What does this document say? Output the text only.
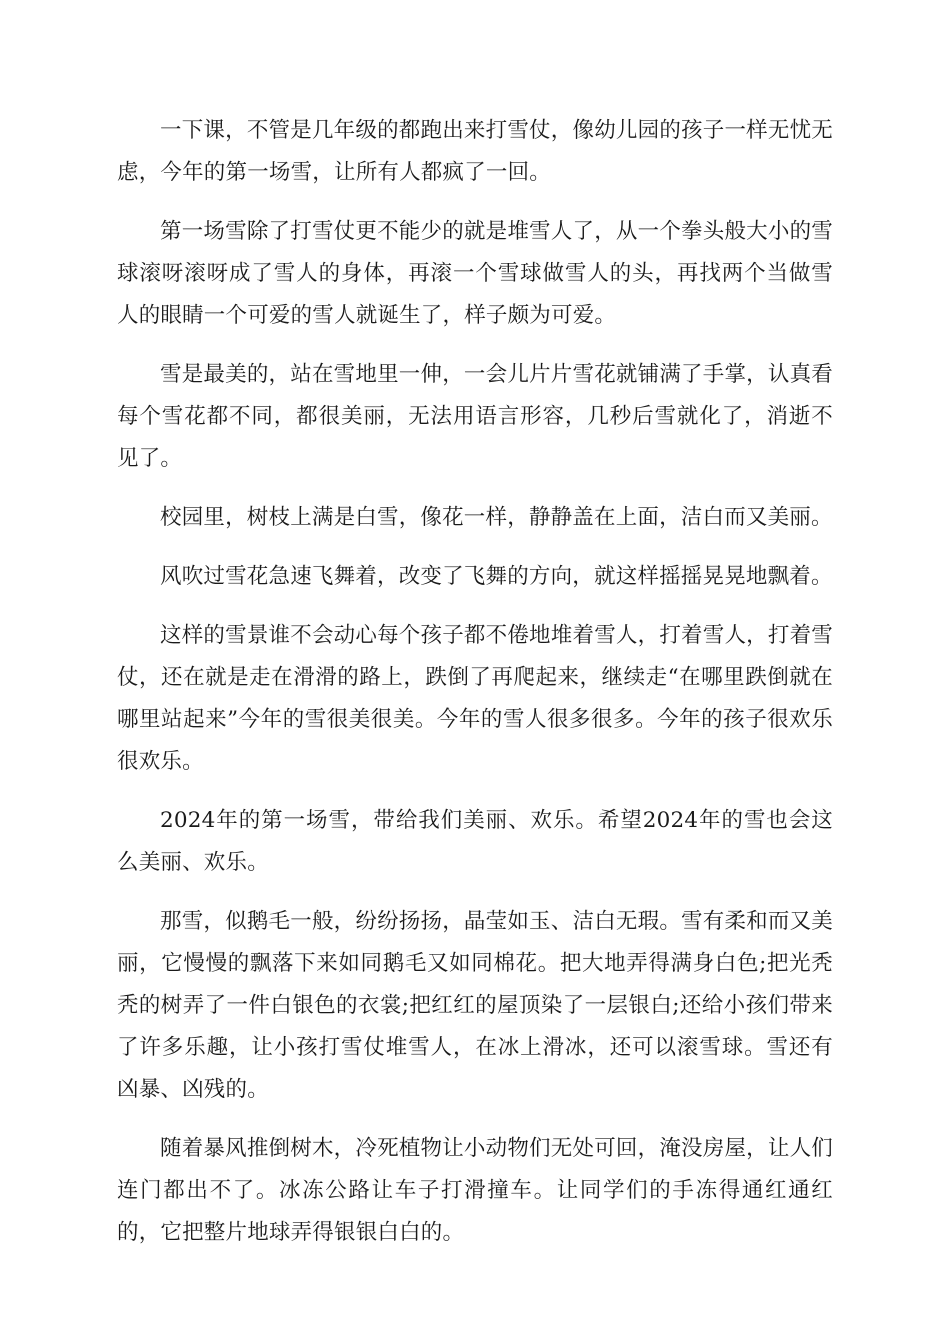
一下课，不管是几年级的都跑出来打雪仗，像幼儿园的孩子一样无忧无虑，今年的第一场雪，让所有人都疯了一回。

第一场雪除了打雪仗更不能少的就是堆雪人了，从一个拳头般大小的雪球滚呀滚呀成了雪人的身体，再滚一个雪球做雪人的头，再找两个当做雪人的眼睛一个可爱的雪人就诞生了，样子颇为可爱。

雪是最美的，站在雪地里一伸，一会儿片片雪花就铺满了手掌，认真看每个雪花都不同，都很美丽，无法用语言形容，几秒后雪就化了，消逝不见了。

校园里，树枝上满是白雪，像花一样，静静盖在上面，洁白而又美丽。

风吹过雪花急速飞舞着，改变了飞舞的方向，就这样摇摇晃晃地飘着。

这样的雪景谁不会动心每个孩子都不倦地堆着雪人，打着雪人，打着雪仗，还在就是走在滑滑的路上，跌倒了再爬起来，继续走“在哪里跌倒就在哪里站起来”今年的雪很美很美。今年的雪人很多很多。今年的孩子很欢乐很欢乐。

2024年的第一场雪，带给我们美丽、欢乐。希望2024年的雪也会这么美丽、欢乐。

那雪，似鹅毛一般，纷纷扬扬，晶莹如玉、洁白无瑕。雪有柔和而又美丽，它慢慢的飘落下来如同鹅毛又如同棉花。把大地弄得满身白色;把光秃秃的树弄了一件白银色的衣裳;把红红的屋顶染了一层银白;还给小孩们带来了许多乐趣，让小孩打雪仗堆雪人，在冰上滑冰，还可以滚雪球。雪还有凶暴、凶残的。

随着暴风推倒树木，冷死植物让小动物们无处可回，淹没房屋，让人们连门都出不了。冰冻公路让车子打滑撞车。让同学们的手冻得通红通红的，它把整片地球弄得银银白白的。
